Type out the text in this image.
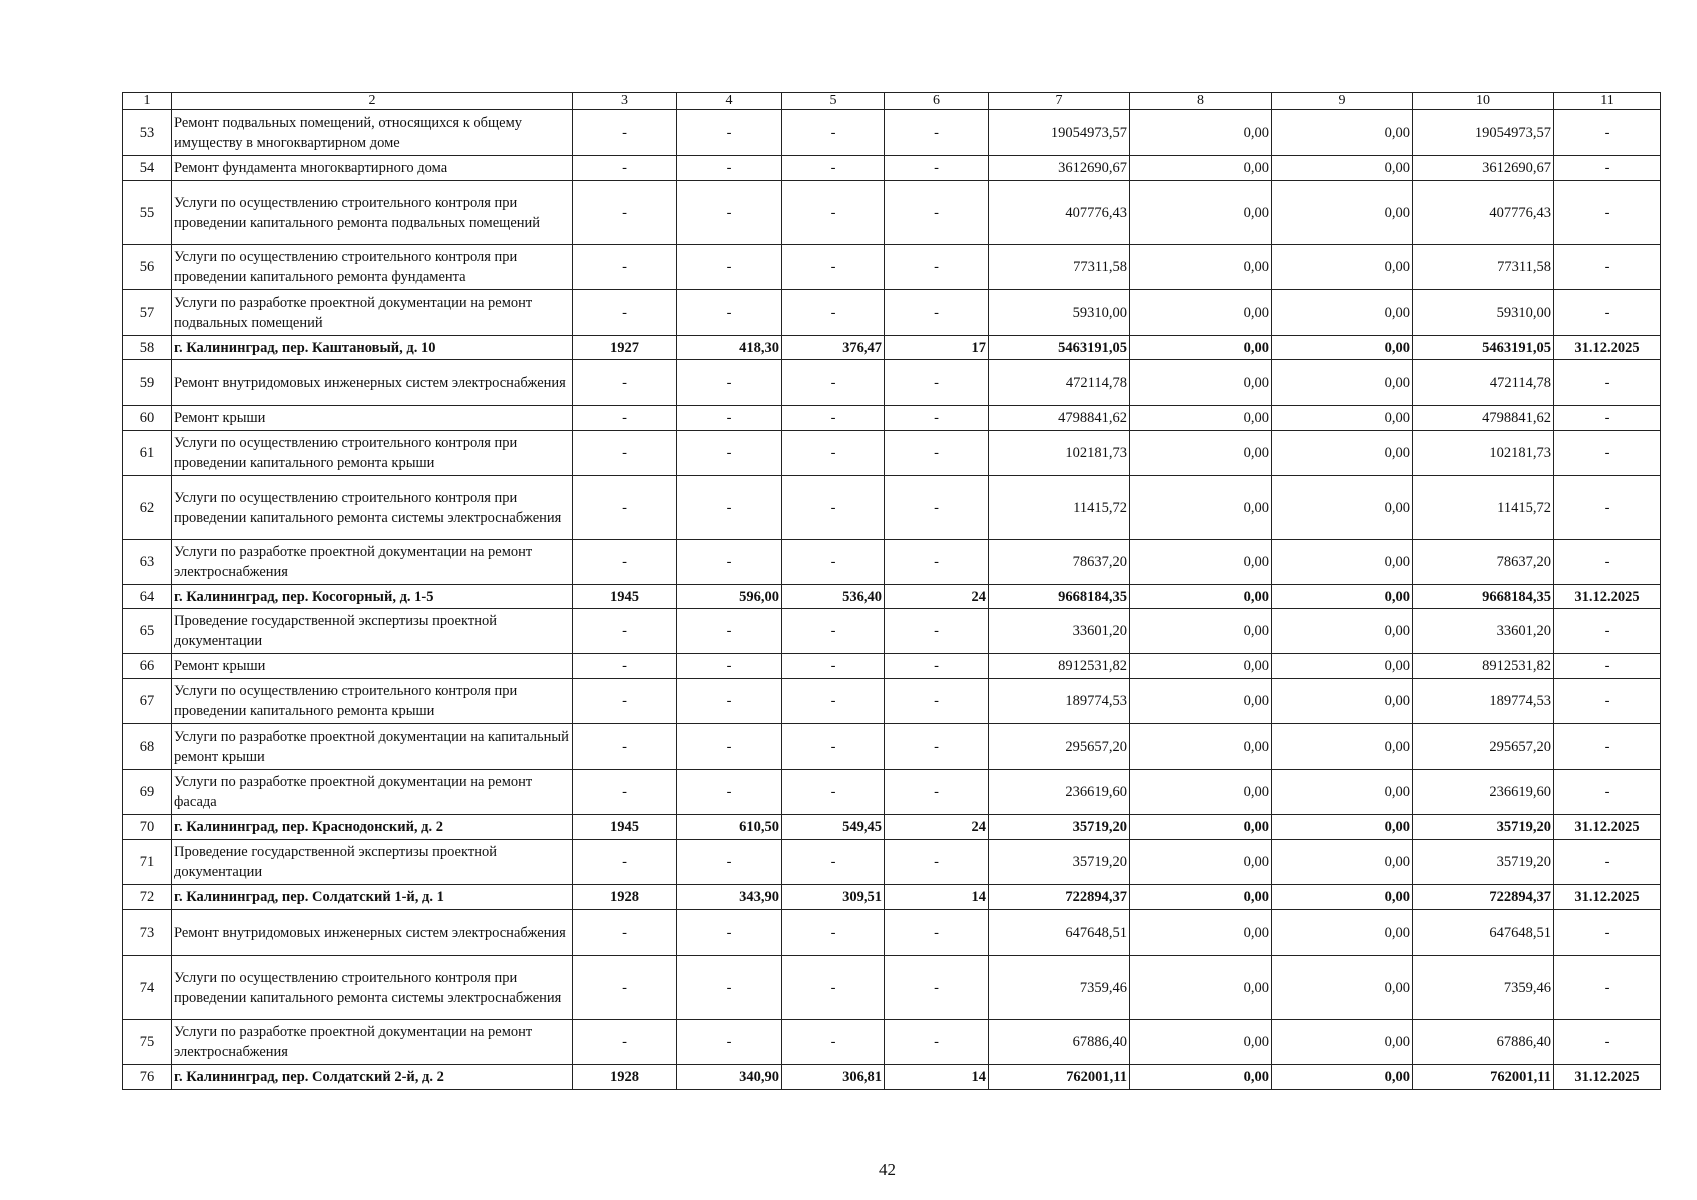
1	2	3	4	5	6	7	8	9	10	11
53	Ремонт подвальных помещений, относящихся к общему имуществу в многоквартирном доме	-	-	-	-	19054973,57	0,00	0,00	19054973,57	-
54	Ремонт фундамента многоквартирного дома	-	-	-	-	3612690,67	0,00	0,00	3612690,67	-
55	Услуги по осуществлению строительного контроля при проведении капитального ремонта подвальных помещений	-	-	-	-	407776,43	0,00	0,00	407776,43	-
56	Услуги по осуществлению строительного контроля при проведении капитального ремонта фундамента	-	-	-	-	77311,58	0,00	0,00	77311,58	-
57	Услуги по разработке проектной документации на ремонт подвальных помещений	-	-	-	-	59310,00	0,00	0,00	59310,00	-
58	г. Калининград, пер. Каштановый, д. 10	1927	418,30	376,47	17	5463191,05	0,00	0,00	5463191,05	31.12.2025
59	Ремонт внутридомовых инженерных систем электроснабжения	-	-	-	-	472114,78	0,00	0,00	472114,78	-
60	Ремонт крыши	-	-	-	-	4798841,62	0,00	0,00	4798841,62	-
61	Услуги по осуществлению строительного контроля при проведении капитального ремонта крыши	-	-	-	-	102181,73	0,00	0,00	102181,73	-
62	Услуги по осуществлению строительного контроля при проведении капитального ремонта системы электроснабжения	-	-	-	-	11415,72	0,00	0,00	11415,72	-
63	Услуги по разработке проектной документации на ремонт электроснабжения	-	-	-	-	78637,20	0,00	0,00	78637,20	-
64	г. Калининград, пер. Косогорный, д. 1-5	1945	596,00	536,40	24	9668184,35	0,00	0,00	9668184,35	31.12.2025
65	Проведение государственной экспертизы проектной документации	-	-	-	-	33601,20	0,00	0,00	33601,20	-
66	Ремонт крыши	-	-	-	-	8912531,82	0,00	0,00	8912531,82	-
67	Услуги по осуществлению строительного контроля при проведении капитального ремонта крыши	-	-	-	-	189774,53	0,00	0,00	189774,53	-
68	Услуги по разработке проектной документации на капитальный ремонт крыши	-	-	-	-	295657,20	0,00	0,00	295657,20	-
69	Услуги по разработке проектной документации на ремонт фасада	-	-	-	-	236619,60	0,00	0,00	236619,60	-
70	г. Калининград, пер. Краснодонский, д. 2	1945	610,50	549,45	24	35719,20	0,00	0,00	35719,20	31.12.2025
71	Проведение государственной экспертизы проектной документации	-	-	-	-	35719,20	0,00	0,00	35719,20	-
72	г. Калининград, пер. Солдатский 1-й, д. 1	1928	343,90	309,51	14	722894,37	0,00	0,00	722894,37	31.12.2025
73	Ремонт внутридомовых инженерных систем электроснабжения	-	-	-	-	647648,51	0,00	0,00	647648,51	-
74	Услуги по осуществлению строительного контроля при проведении капитального ремонта системы электроснабжения	-	-	-	-	7359,46	0,00	0,00	7359,46	-
75	Услуги по разработке проектной документации на ремонт электроснабжения	-	-	-	-	67886,40	0,00	0,00	67886,40	-
76	г. Калининград, пер. Солдатский 2-й, д. 2	1928	340,90	306,81	14	762001,11	0,00	0,00	762001,11	31.12.2025
42
